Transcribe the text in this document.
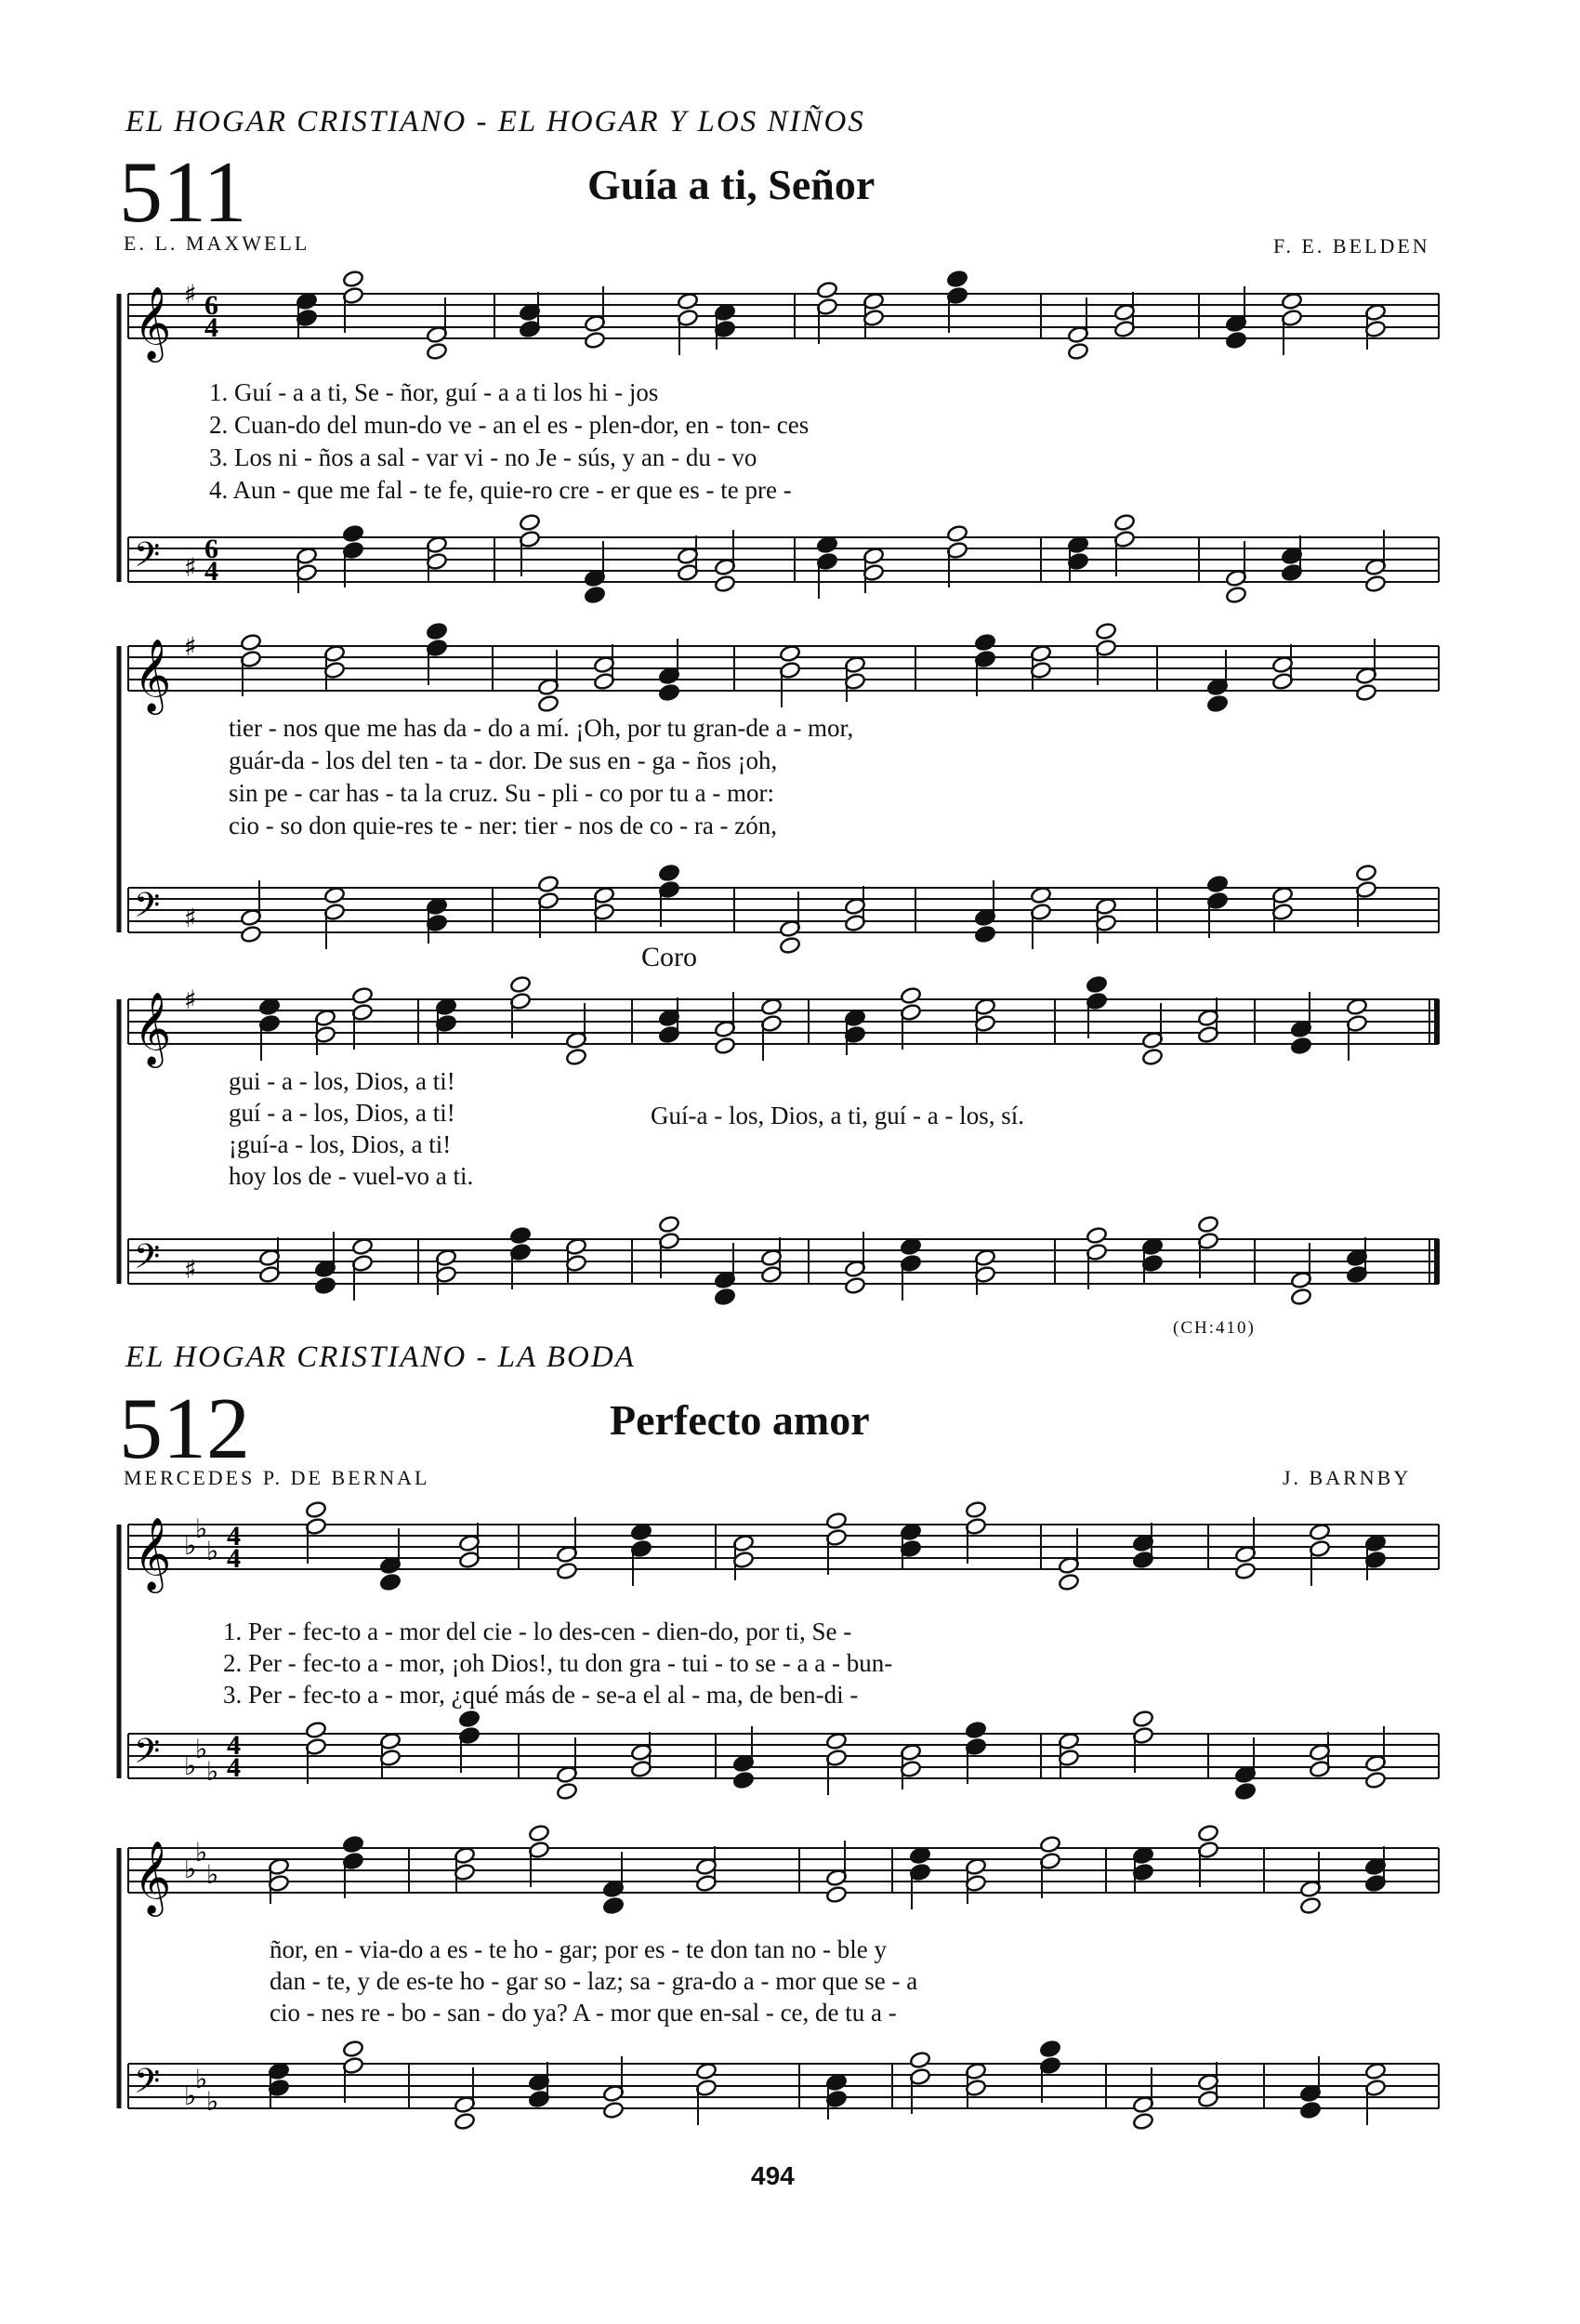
𝄞 ♯ 6
4
𝄢 ♯
6
4
𝄞 ♯
𝄢 ♯
𝄞 ♯
𝄢 ♯
𝄞 ♭
♭
♭ 4
4
𝄢 ♭
♭
♭
4
4
𝄞 ♭
♭
♭
𝄢 ♭
♭
♭
EL HOGAR CRISTIANO - EL HOGAR Y LOS NIÑOS
511	Guía a ti, Señor
E. L. MAXWELL	F. E. BELDEN
1. Guí - a a ti, Se - ñor, guí - a a ti los hi - jos
2. Cuan-do del mun-do ve - an el es - plen-dor, en - ton- ces
3. Los ni - ños a sal - var vi - no Je - sús, y an - du - vo
4. Aun - que me fal - te fe, quie-ro cre - er que es - te pre -
tier - nos que me has da - do a mí. ¡Oh, por tu gran-de a - mor,
guár-da - los del ten - ta - dor. De sus en - ga - ños ¡oh,
sin pe - car has - ta la cruz. Su - pli - co por tu a - mor:
cio - so don quie-res te - ner: tier - nos de co - ra - zón,
Coro
gui - a - los, Dios, a ti!
guí - a - los, Dios, a ti!
¡guí-a - los, Dios, a ti!
hoy los de - vuel-vo a ti.
Guí-a - los, Dios, a ti, guí - a - los, sí.
(CH:410)
EL HOGAR CRISTIANO - LA BODA
512	Perfecto amor
MERCEDES P. DE BERNAL	J. BARNBY
1. Per - fec-to a - mor del cie - lo des-cen - dien-do, por ti, Se -
2. Per - fec-to a - mor, ¡oh Dios!, tu don gra - tui - to se - a a - bun-
3. Per - fec-to a - mor, ¿qué más de - se-a el al - ma, de ben-di -
ñor, en - via-do a es - te ho - gar; por es - te don tan no - ble y
dan - te, y de es-te ho - gar so - laz; sa - gra-do a - mor que se - a
cio - nes re - bo - san - do ya? A - mor que en-sal - ce, de tu a -
494
